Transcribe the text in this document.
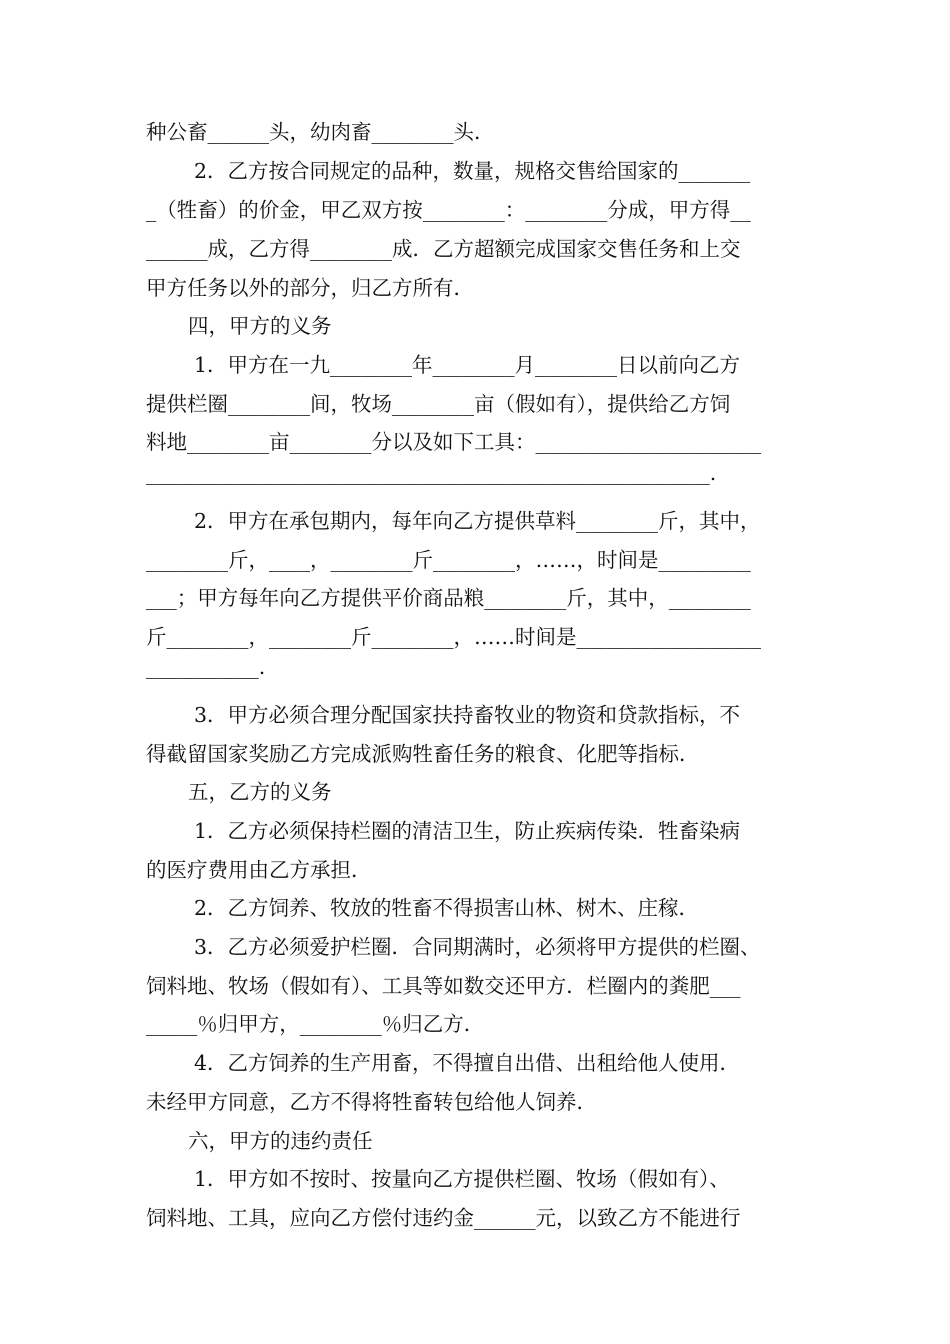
种公畜______头，幼肉畜________头．
2．乙方按合同规定的品种，数量，规格交售给国家的_______
_（牲畜）的价金，甲乙双方按________：________分成，甲方得__
______成，乙方得________成．乙方超额完成国家交售任务和上交
甲方任务以外的部分，归乙方所有．
四，甲方的义务
1．甲方在一九________年________月________日以前向乙方
提供栏圈________间，牧场________亩（假如有），提供给乙方饲
料地________亩________分以及如下工具：______________________
_______________________________________________________.
2．甲方在承包期内，每年向乙方提供草料________斤，其中，
________斤，____，________斤________，……，时间是_________
___；甲方每年向乙方提供平价商品粮________斤，其中，________
斤________，________斤________，……时间是__________________
___________.
3．甲方必须合理分配国家扶持畜牧业的物资和贷款指标，不
得截留国家奖励乙方完成派购牲畜任务的粮食、化肥等指标．
五，乙方的义务
1．乙方必须保持栏圈的清洁卫生，防止疾病传染．牲畜染病
的医疗费用由乙方承担．
2．乙方饲养、牧放的牲畜不得损害山林、树木、庄稼．
3．乙方必须爱护栏圈．合同期满时，必须将甲方提供的栏圈、
饲料地、牧场（假如有）、工具等如数交还甲方．栏圈内的粪肥___
_____％归甲方，________％归乙方．
4．乙方饲养的生产用畜，不得擅自出借、出租给他人使用．
未经甲方同意，乙方不得将牲畜转包给他人饲养．
六，甲方的违约责任
1．甲方如不按时、按量向乙方提供栏圈、牧场（假如有）、
饲料地、工具，应向乙方偿付违约金______元，以致乙方不能进行
